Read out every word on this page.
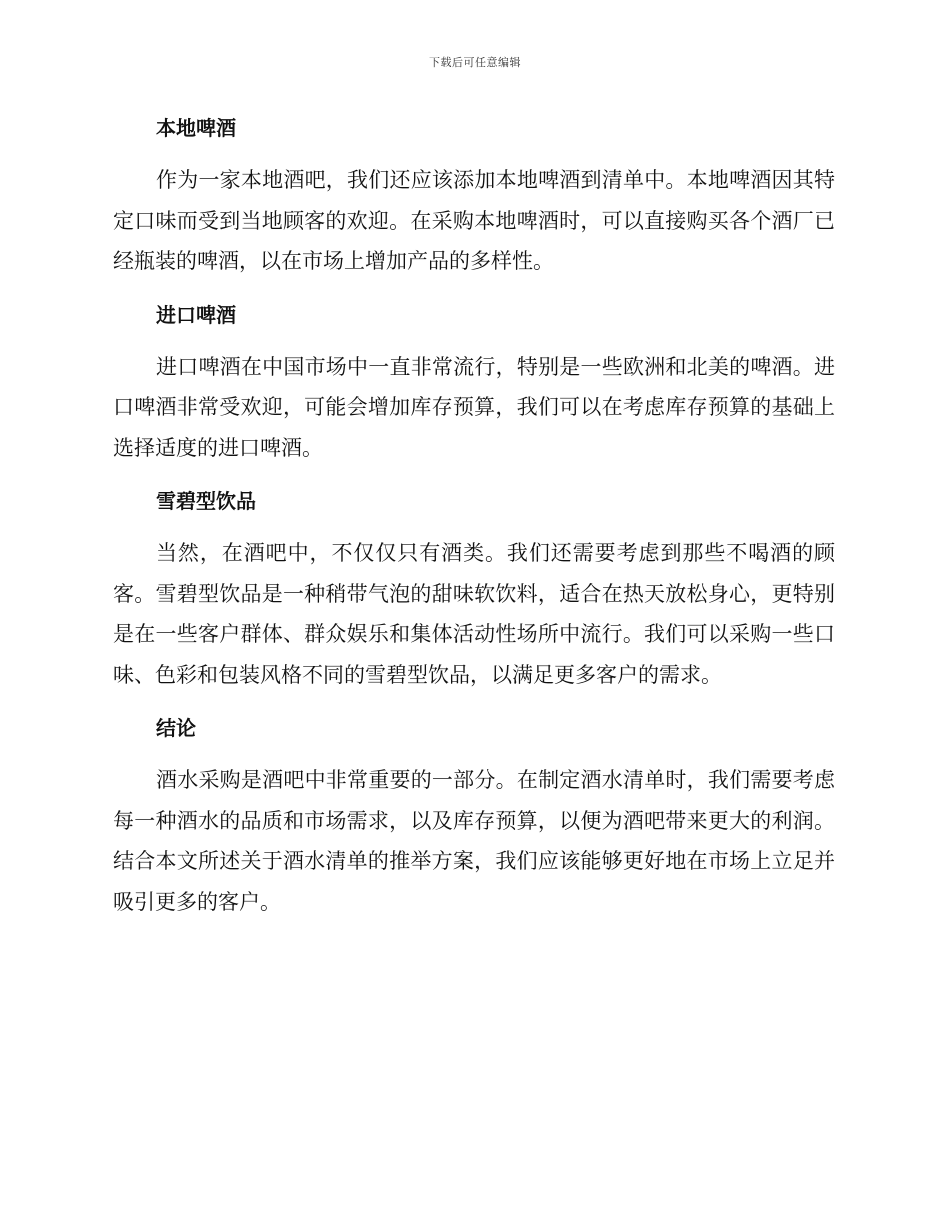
下载后可任意编辑
本地啤酒

作为一家本地酒吧，我们还应该添加本地啤酒到清单中。本地啤酒因其特定口味而受到当地顾客的欢迎。在采购本地啤酒时，可以直接购买各个酒厂已经瓶装的啤酒，以在市场上增加产品的多样性。

进口啤酒

进口啤酒在中国市场中一直非常流行，特别是一些欧洲和北美的啤酒。进口啤酒非常受欢迎，可能会增加库存预算，我们可以在考虑库存预算的基础上选择适度的进口啤酒。

雪碧型饮品

当然，在酒吧中，不仅仅只有酒类。我们还需要考虑到那些不喝酒的顾客。雪碧型饮品是一种稍带气泡的甜味软饮料，适合在热天放松身心，更特别是在一些客户群体、群众娱乐和集体活动性场所中流行。我们可以采购一些口味、色彩和包装风格不同的雪碧型饮品，以满足更多客户的需求。

结论

酒水采购是酒吧中非常重要的一部分。在制定酒水清单时，我们需要考虑每一种酒水的品质和市场需求，以及库存预算，以便为酒吧带来更大的利润。结合本文所述关于酒水清单的推举方案，我们应该能够更好地在市场上立足并吸引更多的客户。
